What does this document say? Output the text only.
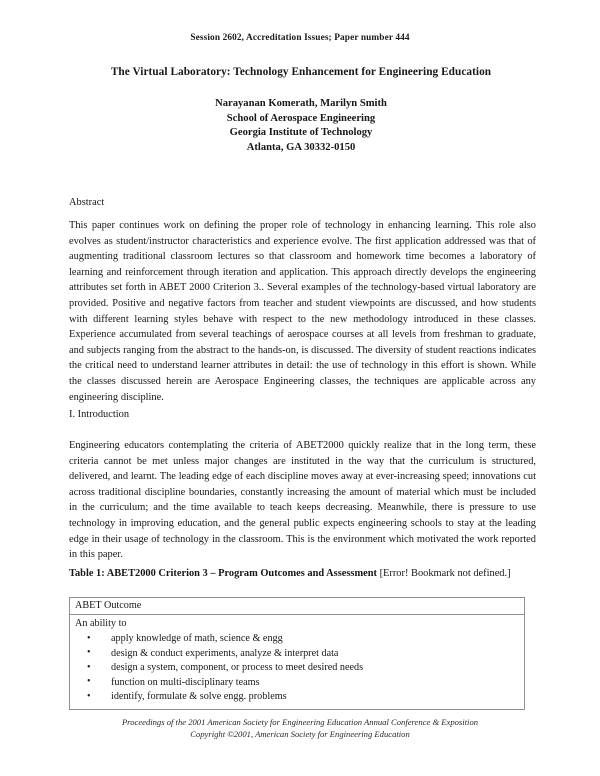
Session 2602, Accreditation Issues; Paper number 444
The Virtual Laboratory: Technology Enhancement for Engineering Education
Narayanan Komerath, Marilyn Smith
School of Aerospace Engineering
Georgia Institute of Technology
Atlanta, GA 30332-0150
Abstract

This paper continues work on defining the proper role of technology in enhancing learning. This role also evolves as student/instructor characteristics and experience evolve. The first application addressed was that of augmenting traditional classroom lectures so that classroom and homework time becomes a laboratory of learning and reinforcement through iteration and application. This approach directly develops the engineering attributes set forth in ABET 2000 Criterion 3.. Several examples of the technology-based virtual laboratory are provided. Positive and negative factors from teacher and student viewpoints are discussed, and how students with different learning styles behave with respect to the new methodology introduced in these classes. Experience accumulated from several teachings of aerospace courses at all levels from freshman to graduate, and subjects ranging from the abstract to the hands-on, is discussed. The diversity of student reactions indicates the critical need to understand learner attributes in detail: the use of technology in this effort is shown. While the classes discussed herein are Aerospace Engineering classes, the techniques are applicable across any engineering discipline.

I. Introduction

Engineering educators contemplating the criteria of ABET2000 quickly realize that in the long term, these criteria cannot be met unless major changes are instituted in the way that the curriculum is structured, delivered, and learnt. The leading edge of each discipline moves away at ever-increasing speed; innovations cut across traditional discipline boundaries, constantly increasing the amount of material which must be included in the curriculum; and the time available to teach keeps decreasing. Meanwhile, there is pressure to use technology in improving education, and the general public expects engineering schools to stay at the leading edge in their usage of technology in the classroom. This is the environment which motivated the work reported in this paper.

Table 1: ABET2000 Criterion 3 – Program Outcomes and Assessment [Error! Bookmark not defined.]
ABET Outcome

An ability to
• apply knowledge of math, science & engg
• design & conduct experiments, analyze & interpret data
• design a system, component, or process to meet desired needs
• function on multi-disciplinary teams
• identify, formulate & solve engg. problems
Proceedings of the 2001 American Society for Engineering Education Annual Conference & Exposition
Copyright ©2001, American Society for Engineering Education
